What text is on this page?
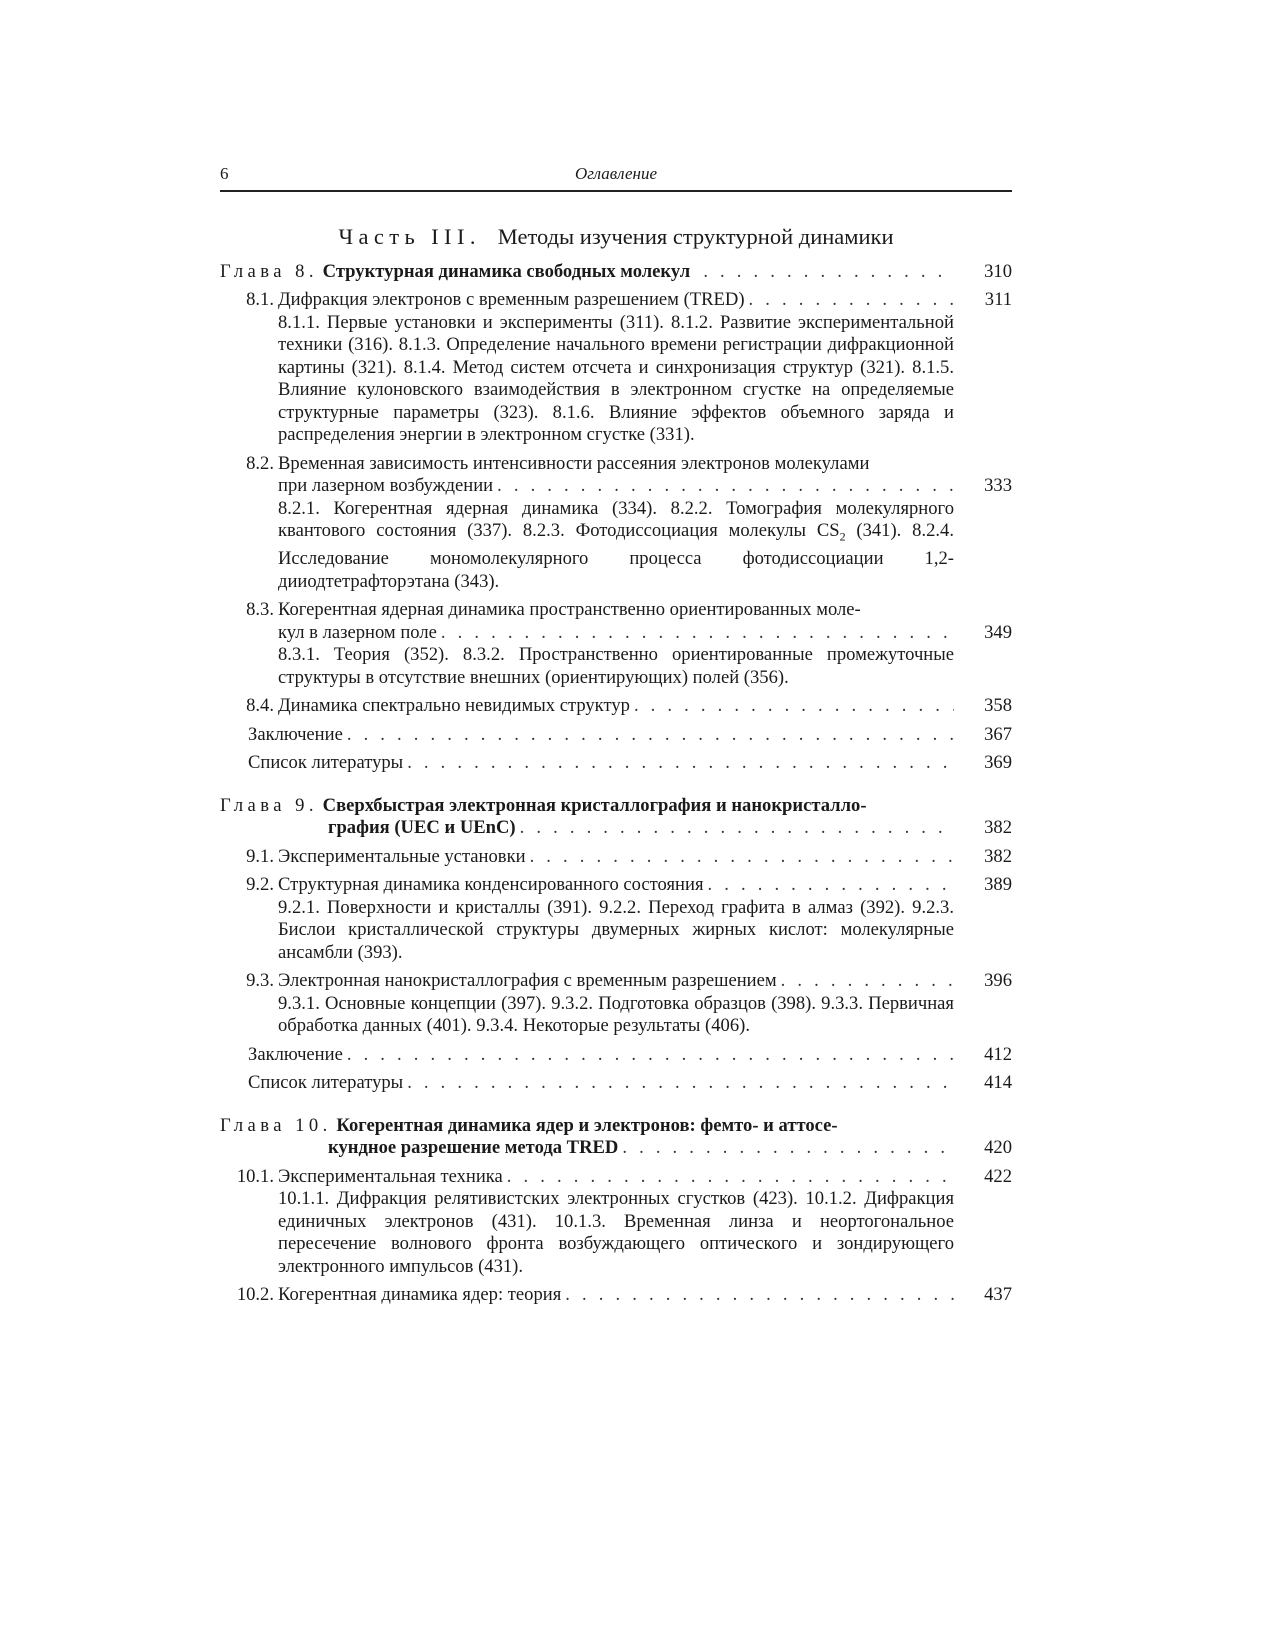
6	Оглавление
Часть III. Методы изучения структурной динамики
Глава 8. Структурная динамика свободных молекул . . .	310
8.1. Дифракция электронов с временным разрешением (TRED) . . .	311
8.1.1. Первые установки и эксперименты (311). 8.1.2. Развитие экспериментальной техники (316). 8.1.3. Определение начального времени регистрации дифракционной картины (321). 8.1.4. Метод систем отсчета и синхронизация структур (321). 8.1.5. Влияние кулоновского взаимодействия в электронном сгустке на определяемые структурные параметры (323). 8.1.6. Влияние эффектов объемного заряда и распределения энергии в электронном сгустке (331).
8.2. Временная зависимость интенсивности рассеяния электронов молекулами
при лазерном возбуждении . . .	333
8.2.1. Когерентная ядерная динамика (334). 8.2.2. Томография молекулярного квантового состояния (337). 8.2.3. Фотодиссоциация молекулы $CS_2$ (341). 8.2.4. Исследование мономолекулярного процесса фотодиссоциации 1,2-дииодтетрафторэтана (343).
8.3. Когерентная ядерная динамика пространственно ориентированных моле-
кул в лазерном поле . . .	349
8.3.1. Теория (352). 8.3.2. Пространственно ориентированные промежуточные структуры в отсутствие внешних (ориентирующих) полей (356).
8.4. Динамика спектрально невидимых структур . . .	358
Заключение . . .	367
Список литературы . . .	369
Глава 9. Сверхбыстрая электронная кристаллография и нанокристалло-
графия (UEC и UEnC) . . .	382
9.1. Экспериментальные установки . . .	382
9.2. Структурная динамика конденсированного состояния . . .	389
9.2.1. Поверхности и кристаллы (391). 9.2.2. Переход графита в алмаз (392). 9.2.3. Бислои кристаллической структуры двумерных жирных кислот: молекулярные ансамбли (393).
9.3. Электронная нанокристаллография с временным разрешением . . .	396
9.3.1. Основные концепции (397). 9.3.2. Подготовка образцов (398). 9.3.3. Первичная обработка данных (401). 9.3.4. Некоторые результаты (406).
Заключение . . .	412
Список литературы . . .	414
Глава 10. Когерентная динамика ядер и электронов: фемто- и аттосе-
кундное разрешение метода TRED . . .	420
10.1. Экспериментальная техника . . .	422
10.1.1. Дифракция релятивистских электронных сгустков (423). 10.1.2. Дифракция единичных электронов (431). 10.1.3. Временная линза и неортогональное пересечение волнового фронта возбуждающего оптического и зондирующего электронного импульсов (431).
10.2. Когерентная динамика ядер: теория . . .	437
